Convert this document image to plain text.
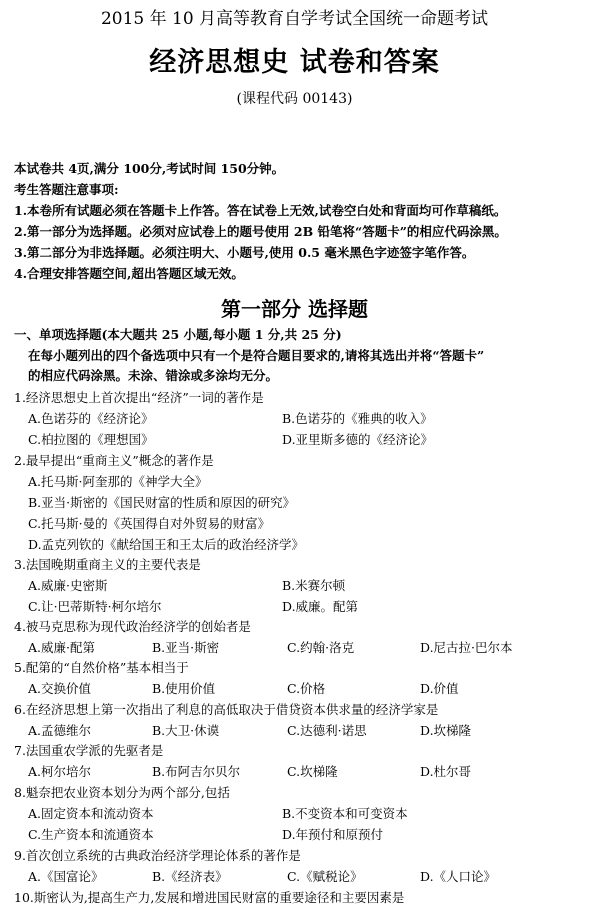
2015 年 10 月高等教育自学考试全国统一命题考试
经济思想史 试卷和答案
(课程代码 00143)
本试卷共 4页,满分 100分,考试时间 150分钟。
考生答题注意事项:
1.本卷所有试题必须在答题卡上作答。答在试卷上无效,试卷空白处和背面均可作草稿纸。
2.第一部分为选择题。必须对应试卷上的题号使用 2B 铅笔将“答题卡”的相应代码涂黑。
3.第二部分为非选择题。必须注明大、小题号,使用 0.5 毫米黑色字迹签字笔作答。
4.合理安排答题空间,超出答题区域无效。
第一部分 选择题
一、单项选择题(本大题共 25 小题,每小题 1 分,共 25 分)
在每小题列出的四个备选项中只有一个是符合题目要求的,请将其选出并将“答题卡”
的相应代码涂黑。未涂、错涂或多涂均无分。
1.经济思想史上首次提出“经济”一词的著作是
A.色诺芬的《经济论》	B.色诺芬的《雅典的收入》
C.柏拉图的《理想国》	D.亚里斯多德的《经济论》
2.最早提出“重商主义”概念的著作是
A.托马斯·阿奎那的《神学大全》
B.亚当·斯密的《国民财富的性质和原因的研究》
C.托马斯·曼的《英国得自对外贸易的财富》
D.孟克列钦的《献给国王和王太后的政治经济学》
3.法国晚期重商主义的主要代表是
A.威廉·史密斯	B.米赛尔顿
C.让·巴蒂斯特·柯尔培尔	D.威廉。配第
4.被马克思称为现代政治经济学的创始者是
A.威廉·配第	B.亚当·斯密	C.约翰·洛克	D.尼古拉·巴尔本
5.配第的“自然价格”基本相当于
A.交换价值	B.使用价值	C.价格	D.价值
6.在经济思想上第一次指出了利息的高低取决于借贷资本供求量的经济学家是
A.孟德维尔	B.大卫·休谟	C.达德利·诺思	D.坎梯隆
7.法国重农学派的先驱者是
A.柯尔培尔	B.布阿吉尔贝尔	C.坎梯隆	D.杜尔哥
8.魁奈把农业资本划分为两个部分,包括
A.固定资本和流动资本	B.不变资本和可变资本
C.生产资本和流通资本	D.年预付和原预付
9.首次创立系统的古典政治经济学理论体系的著作是
A.《国富论》	B.《经济表》	C.《赋税论》	D.《人口论》
10.斯密认为,提高生产力,发展和增进国民财富的重要途径和主要因素是
